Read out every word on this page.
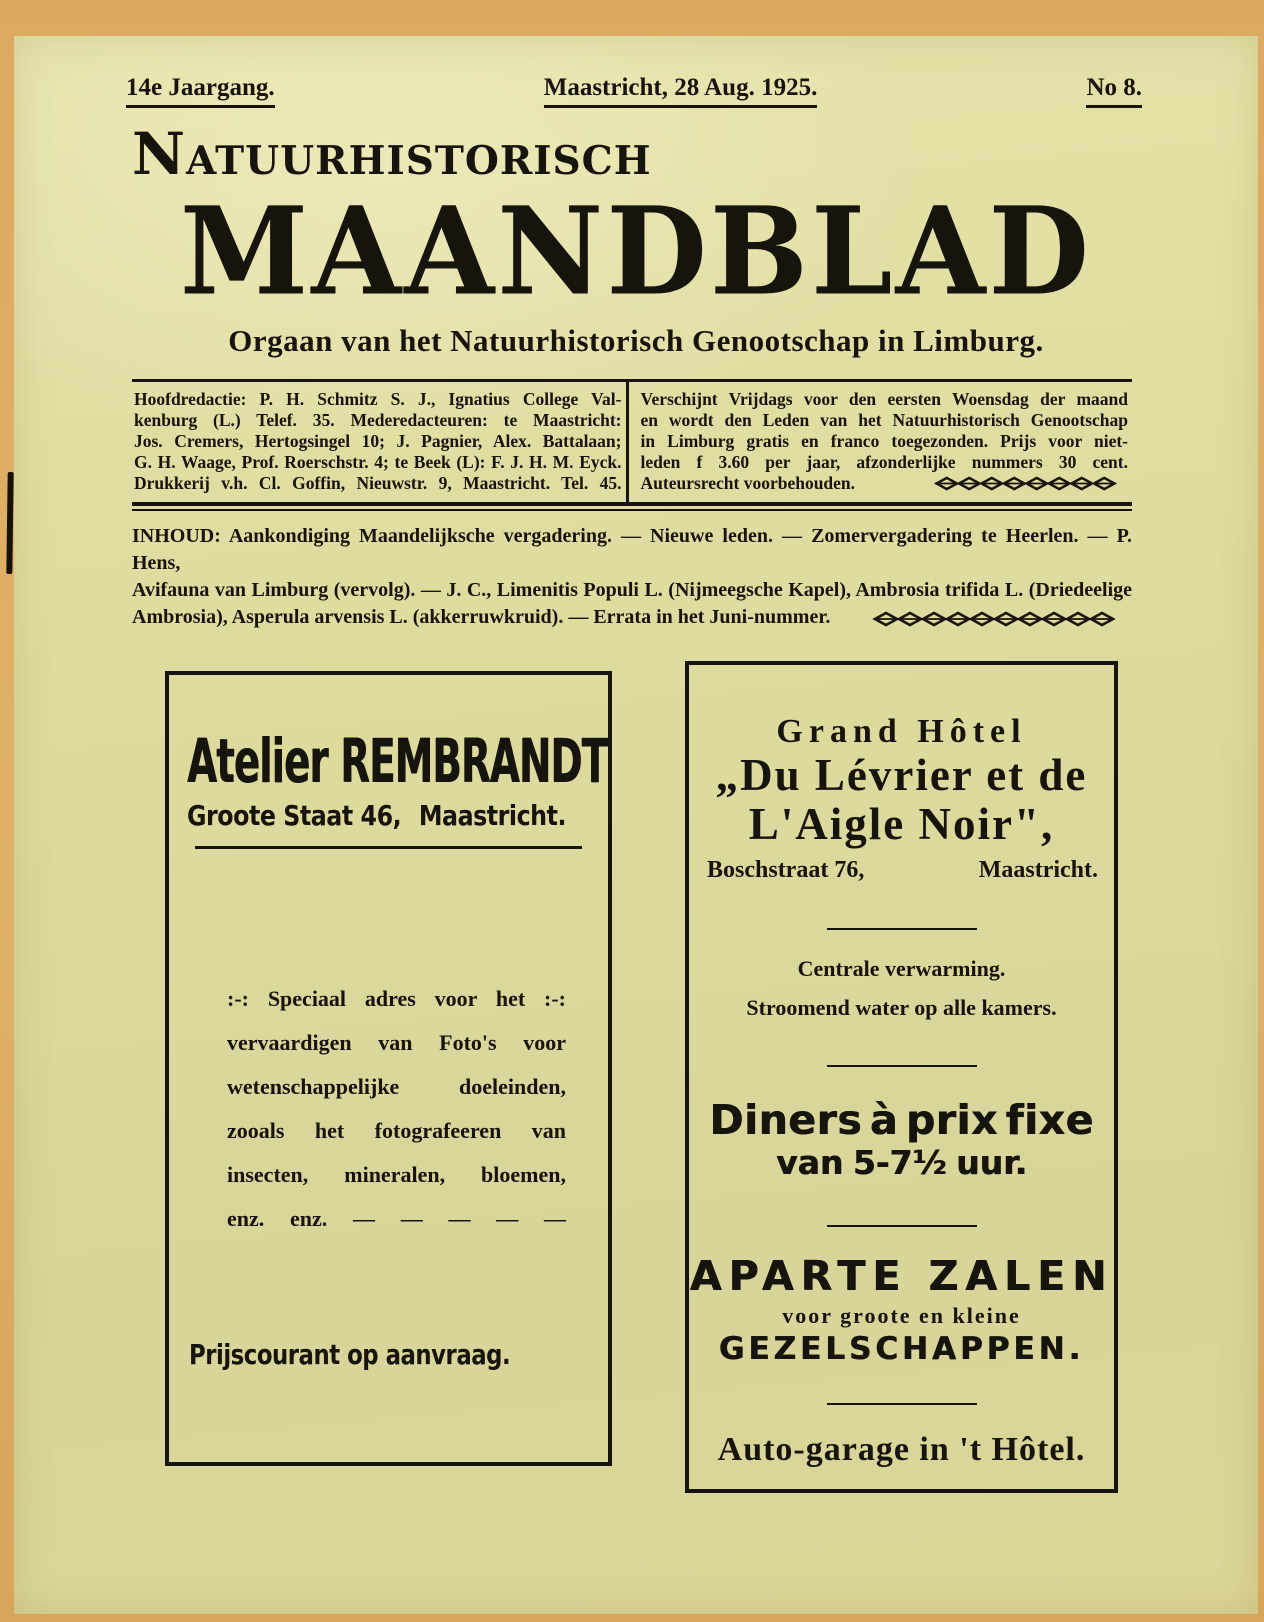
14e Jaargang.	Maastricht, 28 Aug. 1925.	No 8.
NATUURHISTORISCH
MAANDBLAD
Orgaan van het Natuurhistorisch Genootschap in Limburg.
Hoofdredactie: P. H. Schmitz S. J., Ignatius College Val-
kenburg (L.) Telef. 35. Mederedacteuren: te Maastricht:
Jos. Cremers, Hertogsingel 10; J. Pagnier, Alex. Battalaan;
G. H. Waage, Prof. Roerschstr. 4; te Beek (L): F. J. H. M. Eyck.
Drukkerij v.h. Cl. Goffin, Nieuwstr. 9, Maastricht. Tel. 45.
Verschijnt Vrijdags voor den eersten Woensdag der maand
en wordt den Leden van het Natuurhistorisch Genootschap
in Limburg gratis en franco toegezonden. Prijs voor niet-
leden f 3.60 per jaar, afzonderlijke nummers 30 cent.
Auteursrecht voorbehouden.
INHOUD: Aankondiging Maandelijksche vergadering. — Nieuwe leden. — Zomervergadering te Heerlen. — P. Hens,
Avifauna van Limburg (vervolg). — J. C., Limenitis Populi L. (Nijmeegsche Kapel), Ambrosia trifida L. (Driedeelige
Ambrosia), Asperula arvensis L. (akkerruwkruid). — Errata in het Juni-nummer.
Atelier REMBRANDT
Groote Staat 46, Maastricht.
:-: Speciaal adres voor het :-:
vervaardigen van Foto's voor
wetenschappelijke doeleinden,
zooals het fotografeeren van
insecten, mineralen, bloemen,
enz. enz. — — — — —
Prijscourant op aanvraag.
Grand Hôtel
„Du Lévrier et de
L'Aigle Noir",
Boschstraat 76,	Maastricht.
Centrale verwarming.
Stroomend water op alle kamers.
Diners à prix fixe
van 5-7½ uur.
APARTE ZALEN
voor groote en kleine
GEZELSCHAPPEN.
Auto-garage in 't Hôtel.
